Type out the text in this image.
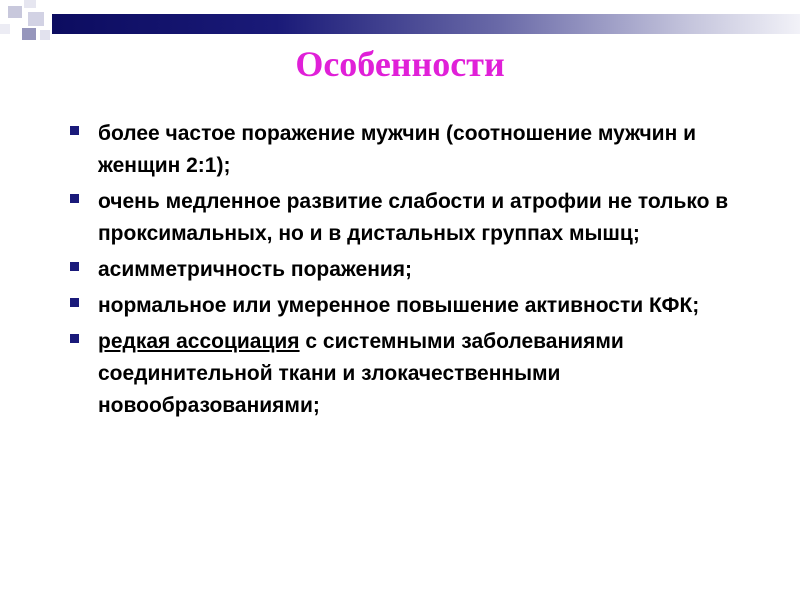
Особенности
более частое поражение мужчин (соотношение мужчин и женщин 2:1);
очень медленное развитие слабости и атрофии не только в проксимальных, но и в дистальных группах мышц;
асимметричность поражения;
нормальное или умеренное повышение активности КФК;
редкая ассоциация с системными заболеваниями соединительной ткани и злокачественными новообразованиями;
